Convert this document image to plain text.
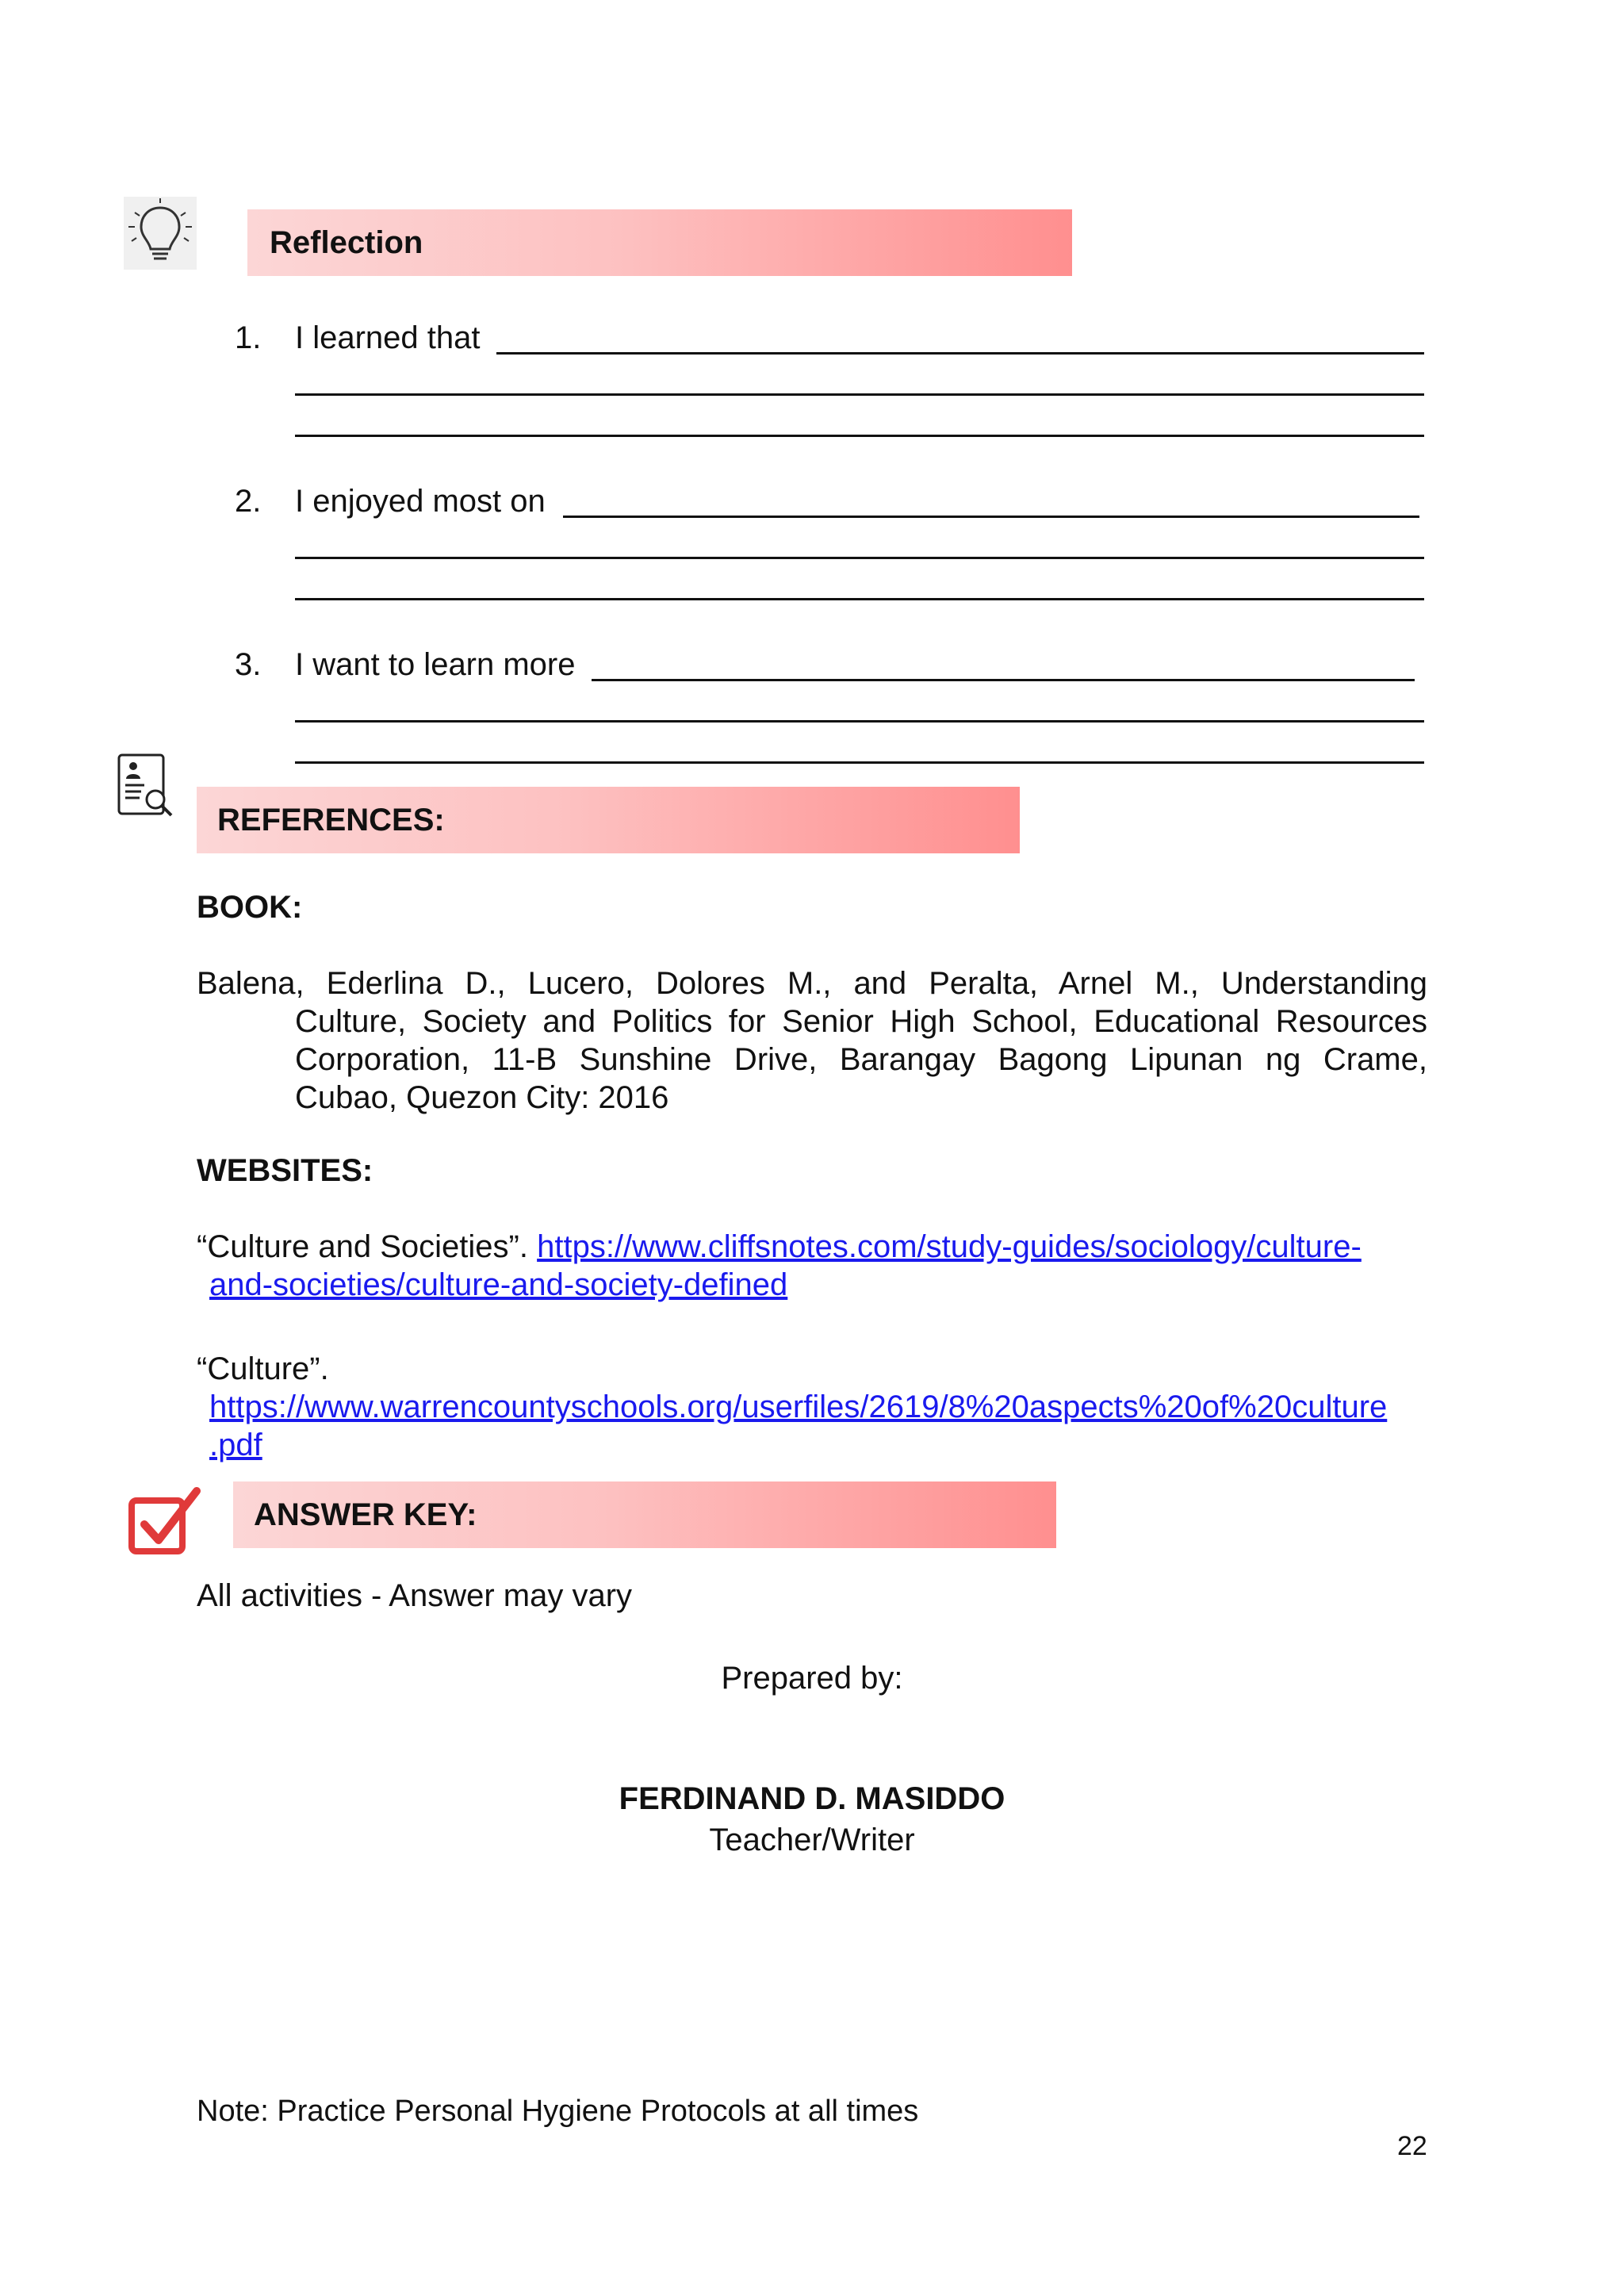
Reflection
1. I learned that
2. I enjoyed most on
3. I want to learn more
REFERENCES:
BOOK:
Balena, Ederlina D., Lucero, Dolores M., and Peralta, Arnel M., Understanding
Culture, Society and Politics for Senior High School, Educational Resources
Corporation, 11-B Sunshine Drive, Barangay Bagong Lipunan ng Crame,
Cubao, Quezon City: 2016
WEBSITES:
“Culture and Societies”. https://www.cliffsnotes.com/study-guides/sociology/culture-
and-societies/culture-and-society-defined
“Culture”.
https://www.warrencountyschools.org/userfiles/2619/8%20aspects%20of%20culture
.pdf
ANSWER KEY:
All activities - Answer may vary
Prepared by:
FERDINAND D. MASIDDO
Teacher/Writer
Note: Practice Personal Hygiene Protocols at all times
22
